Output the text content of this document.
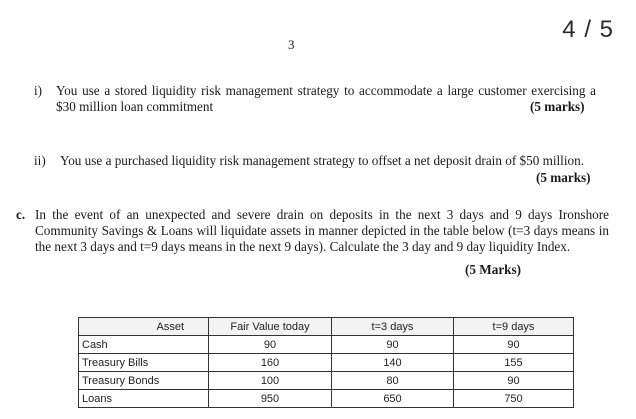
4 / 5
3
i) You use a stored liquidity risk management strategy to accommodate a large customer exercising a $30 million loan commitment	(5 marks)
ii) You use a purchased liquidity risk management strategy to offset a net deposit drain of $50 million.
(5 marks)
c. In the event of an unexpected and severe drain on deposits in the next 3 days and 9 days Ironshore Community Savings & Loans will liquidate assets in manner depicted in the table below (t=3 days means in the next 3 days and t=9 days means in the next 9 days). Calculate the 3 day and 9 day liquidity Index.
(5 Marks)
Asset	Fair Value today	t=3 days	t=9 days
Cash	90	90	90
Treasury Bills	160	140	155
Treasury Bonds	100	80	90
Loans	950	650	750
